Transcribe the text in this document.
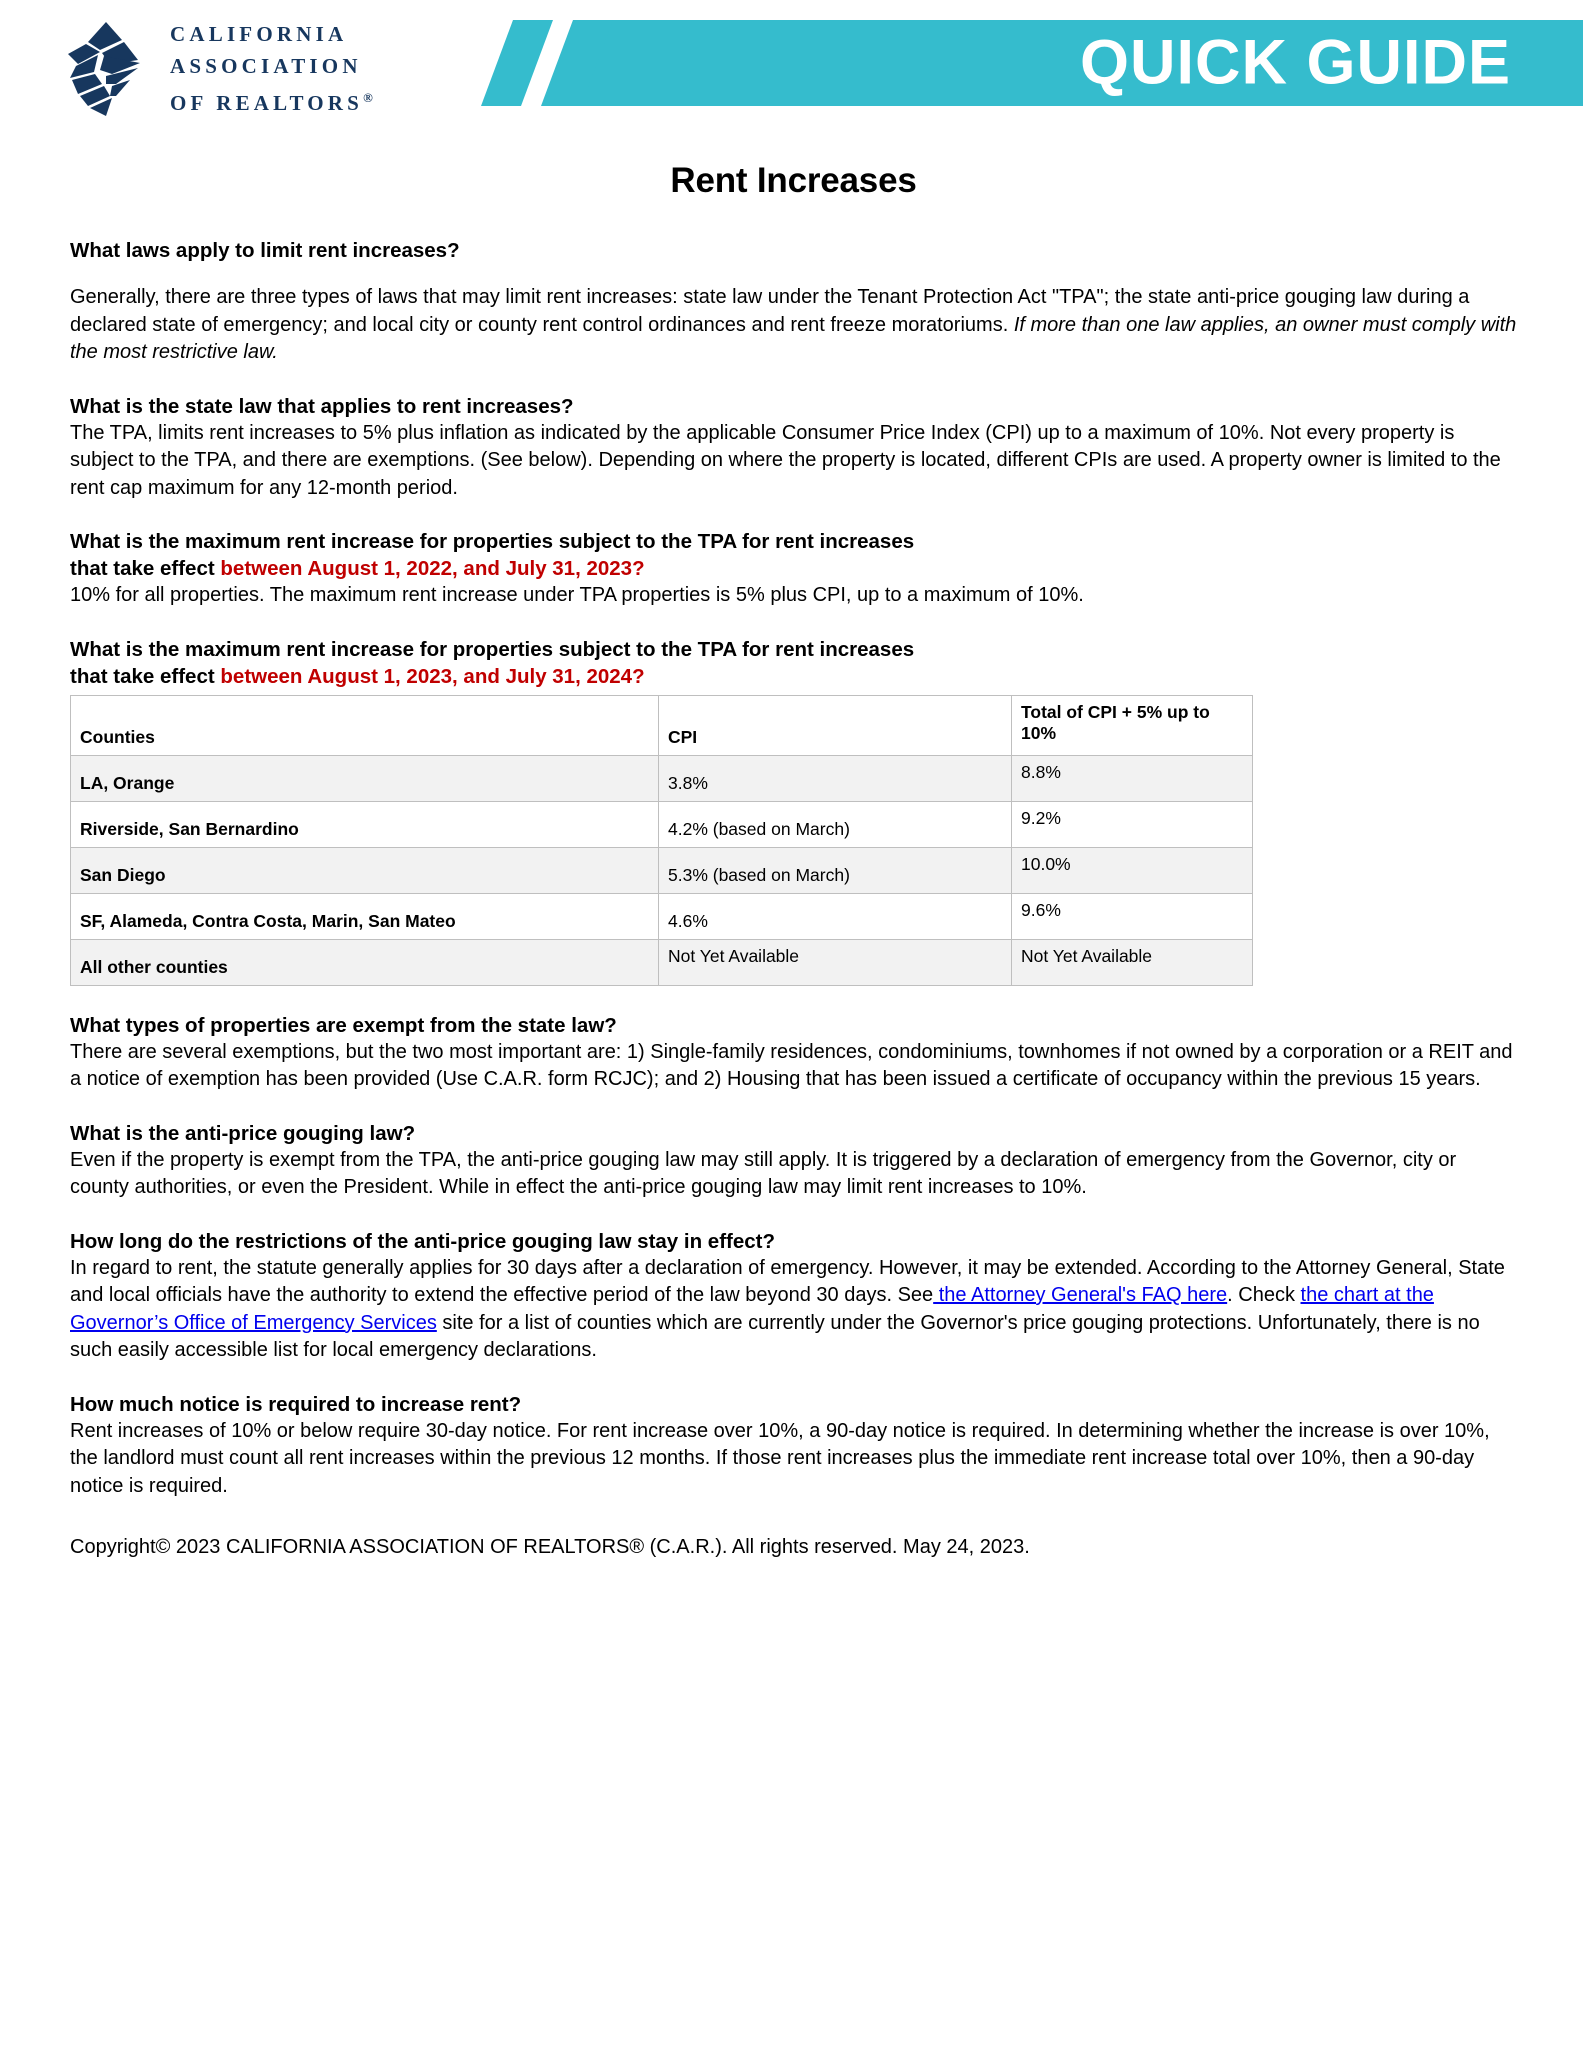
CALIFORNIA
ASSOCIATION
OF REALTORS®	QUICK GUIDE
Rent Increases

What laws apply to limit rent increases?

Generally, there are three types of laws that may limit rent increases: state law under the Tenant Protection Act "TPA"; the state anti-price gouging law during a declared state of emergency; and local city or county rent control ordinances and rent freeze moratoriums. If more than one law applies, an owner must comply with the most restrictive law.

What is the state law that applies to rent increases?

The TPA, limits rent increases to 5% plus inflation as indicated by the applicable Consumer Price Index (CPI) up to a maximum of 10%. Not every property is subject to the TPA, and there are exemptions. (See below). Depending on where the property is located, different CPIs are used. A property owner is limited to the rent cap maximum for any 12-month period.

What is the maximum rent increase for properties subject to the TPA for rent increases

that take effect between August 1, 2022, and July 31, 2023?

10% for all properties. The maximum rent increase under TPA properties is 5% plus CPI, up to a maximum of 10%.

What is the maximum rent increase for properties subject to the TPA for rent increases

that take effect between August 1, 2023, and July 31, 2024?

Counties	CPI	Total of CPI + 5% up to 10%
LA, Orange	3.8%	8.8%
Riverside, San Bernardino	4.2% (based on March)	9.2%
San Diego	5.3% (based on March)	10.0%
SF, Alameda, Contra Costa, Marin, San Mateo	4.6%	9.6%
All other counties	Not Yet Available	Not Yet Available

What types of properties are exempt from the state law?

There are several exemptions, but the two most important are: 1) Single-family residences, condominiums, townhomes if not owned by a corporation or a REIT and a notice of exemption has been provided (Use C.A.R. form RCJC); and 2) Housing that has been issued a certificate of occupancy within the previous 15 years.

What is the anti-price gouging law?

Even if the property is exempt from the TPA, the anti-price gouging law may still apply. It is triggered by a declaration of emergency from the Governor, city or county authorities, or even the President. While in effect the anti-price gouging law may limit rent increases to 10%.

How long do the restrictions of the anti-price gouging law stay in effect?

In regard to rent, the statute generally applies for 30 days after a declaration of emergency. However, it may be extended. According to the Attorney General, State and local officials have the authority to extend the effective period of the law beyond 30 days. See the Attorney General's FAQ here. Check the chart at the Governor’s Office of Emergency Services site for a list of counties which are currently under the Governor's price gouging protections. Unfortunately, there is no such easily accessible list for local emergency declarations.

How much notice is required to increase rent?

Rent increases of 10% or below require 30-day notice. For rent increase over 10%, a 90-day notice is required. In determining whether the increase is over 10%, the landlord must count all rent increases within the previous 12 months. If those rent increases plus the immediate rent increase total over 10%, then a 90-day notice is required.

Copyright© 2023 CALIFORNIA ASSOCIATION OF REALTORS® (C.A.R.). All rights reserved. May 24, 2023.
